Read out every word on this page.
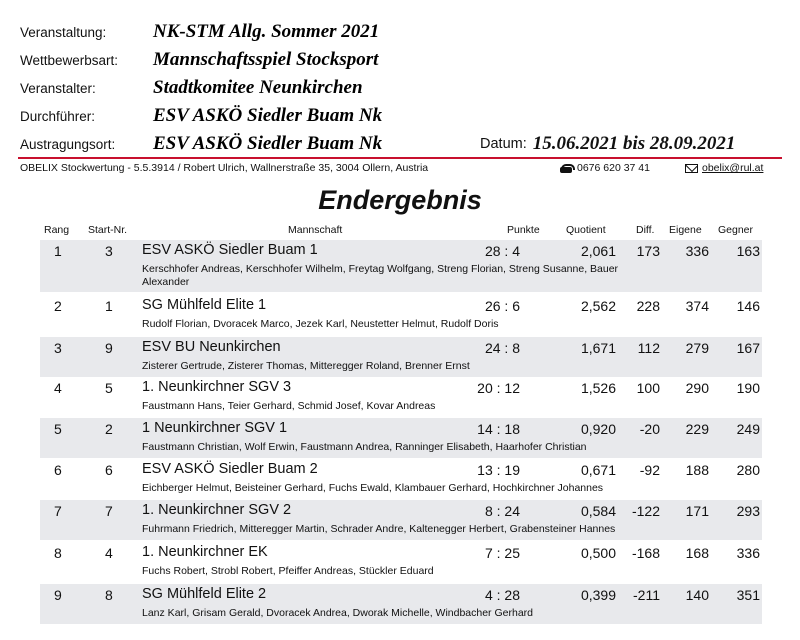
Veranstaltung:	NK-STM Allg. Sommer 2021
Wettbewerbsart:	Mannschaftsspiel Stocksport
Veranstalter:	Stadtkomitee Neunkirchen
Durchführer:	ESV ASKÖ Siedler Buam Nk
Austragungsort:	ESV ASKÖ Siedler Buam Nk	Datum: 15.06.2021 bis 28.09.2021
OBELIX Stockwertung - 5.5.3914 / Robert Ulrich, Wallnerstraße 35, 3004 Ollern, Austria	0676 620 37 41	obelix@rul.at
Endergebnis
Rang Start-Nr.	Mannschaft	Punkte	Quotient	Diff. Eigene Gegner
1	3	28 : 4	2,061	173	336	163
ESV ASKÖ Siedler Buam 1
Kerschhofer Andreas, Kerschhofer Wilhelm, Freytag Wolfgang, Streng Florian, Streng Susanne, Bauer
Alexander
2	1	26 : 6	2,562	228	374	146
SG Mühlfeld Elite 1
Rudolf Florian, Dvoracek Marco, Jezek Karl, Neustetter Helmut, Rudolf Doris
3	9	24 : 8	1,671	112	279	167
ESV BU Neunkirchen
Zisterer Gertrude, Zisterer Thomas, Mitteregger Roland, Brenner Ernst
4	5	20 : 12	1,526	100	290	190
1. Neunkirchner SGV 3
Faustmann Hans, Teier Gerhard, Schmid Josef, Kovar Andreas
5	2	14 : 18	0,920	-20	229	249
1 Neunkirchner SGV 1
Faustmann Christian, Wolf Erwin, Faustmann Andrea, Ranninger Elisabeth, Haarhofer Christian
6	6	13 : 19	0,671	-92	188	280
ESV ASKÖ Siedler Buam 2
Eichberger Helmut, Beisteiner Gerhard, Fuchs Ewald, Klambauer Gerhard, Hochkirchner Johannes
7	7	8 : 24	0,584	-122	171	293
1. Neunkirchner SGV 2
Fuhrmann Friedrich, Mitteregger Martin, Schrader Andre, Kaltenegger Herbert, Grabensteiner Hannes
8	4	7 : 25	0,500	-168	168	336
1. Neunkirchner EK
Fuchs Robert, Strobl Robert, Pfeiffer Andreas, Stückler Eduard
9	8	4 : 28	0,399	-211	140	351
SG Mühlfeld Elite 2
Lanz Karl, Grisam Gerald, Dvoracek Andrea, Dworak Michelle, Windbacher Gerhard
